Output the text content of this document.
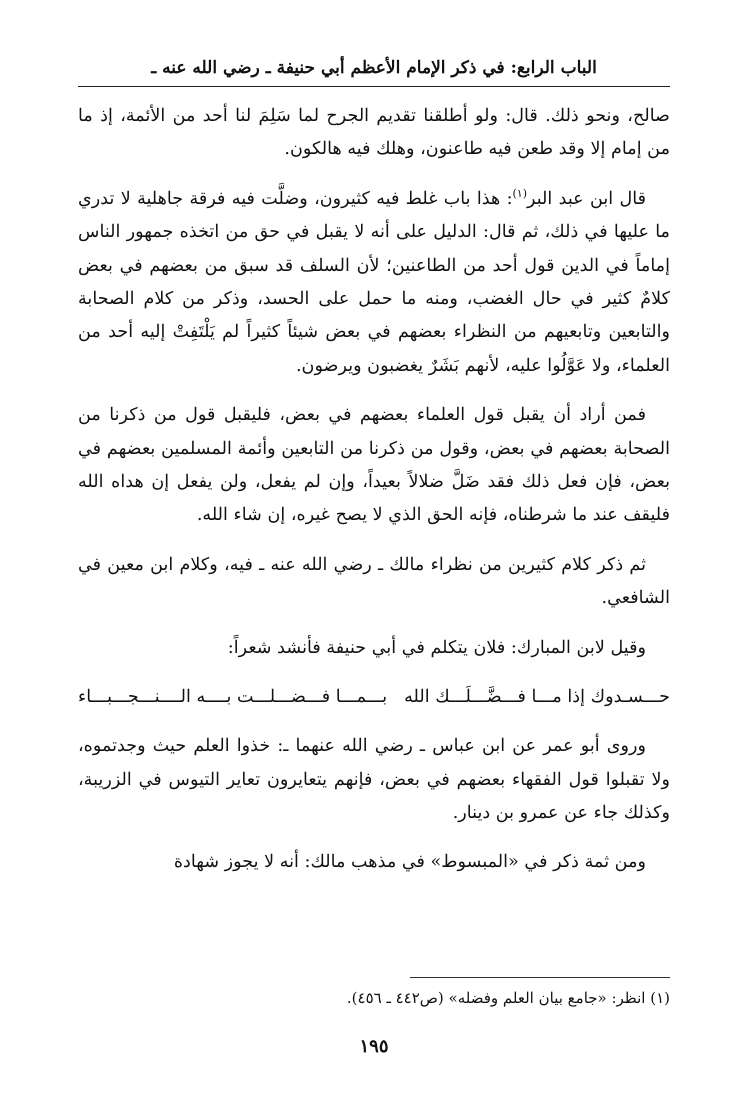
الباب الرابع: في ذكر الإمام الأعظم أبي حنيفة ـ رضي الله عنه ـ

صالح، ونحو ذلك. قال: ولو أطلقنا تقديم الجرح لما سَلِمَ لنا أحد من الأئمة، إذ ما من إمام إلا وقد طعن فيه طاعنون، وهلك فيه هالكون.

قال ابن عبد البر$^{(١)}$: هذا باب غلط فيه كثيرون، وضلَّت فيه فرقة جاهلية لا تدري ما عليها في ذلك، ثم قال: الدليل على أنه لا يقبل في حق من اتخذه جمهور الناس إماماً في الدين قول أحد من الطاعنين؛ لأن السلف قد سبق من بعضهم في بعض كلامٌ كثير في حال الغضب، ومنه ما حمل على الحسد، وذكر من كلام الصحابة والتابعين وتابعيهم من النظراء بعضهم في بعض شيئاً كثيراً لم يَلْتَفِتْ إليه أحد من العلماء، ولا عَوَّلُوا عليه، لأنهم بَشَرٌ يغضبون ويرضون.

فمن أراد أن يقبل قول العلماء بعضهم في بعض، فليقبل قول من ذكرنا من الصحابة بعضهم في بعض، وقول من ذكرنا من التابعين وأئمة المسلمين بعضهم في بعض، فإن فعل ذلك فقد ضَلَّ ضلالاً بعيداً، وإن لم يفعل، ولن يفعل إن هداه الله فليقف عند ما شرطناه، فإنه الحق الذي لا يصح غيره، إن شاء الله.

ثم ذكر كلام كثيرين من نظراء مالك ـ رضي الله عنه ـ فيه، وكلام ابن معين في الشافعي.

وقيل لابن المبارك: فلان يتكلم في أبي حنيفة فأنشد شعراً:

حـــسـدوك إذا مـــا فـــضَّـــلَـــك الله
بـــمـــا فـــضـــلـــت بــــه الــــنـــجـــبـــاء

وروى أبو عمر عن ابن عباس ـ رضي الله عنهما ـ: خذوا العلم حيث وجدتموه، ولا تقبلوا قول الفقهاء بعضهم في بعض، فإنهم يتعايرون تعاير التيوس في الزريبة، وكذلك جاء عن عمرو بن دينار.

ومن ثمة ذكر في «المبسوط» في مذهب مالك: أنه لا يجوز شهادة

(١) انظر: «جامع بيان العلم وفضله» (ص٤٤٢ ـ ٤٥٦).
١٩٥
